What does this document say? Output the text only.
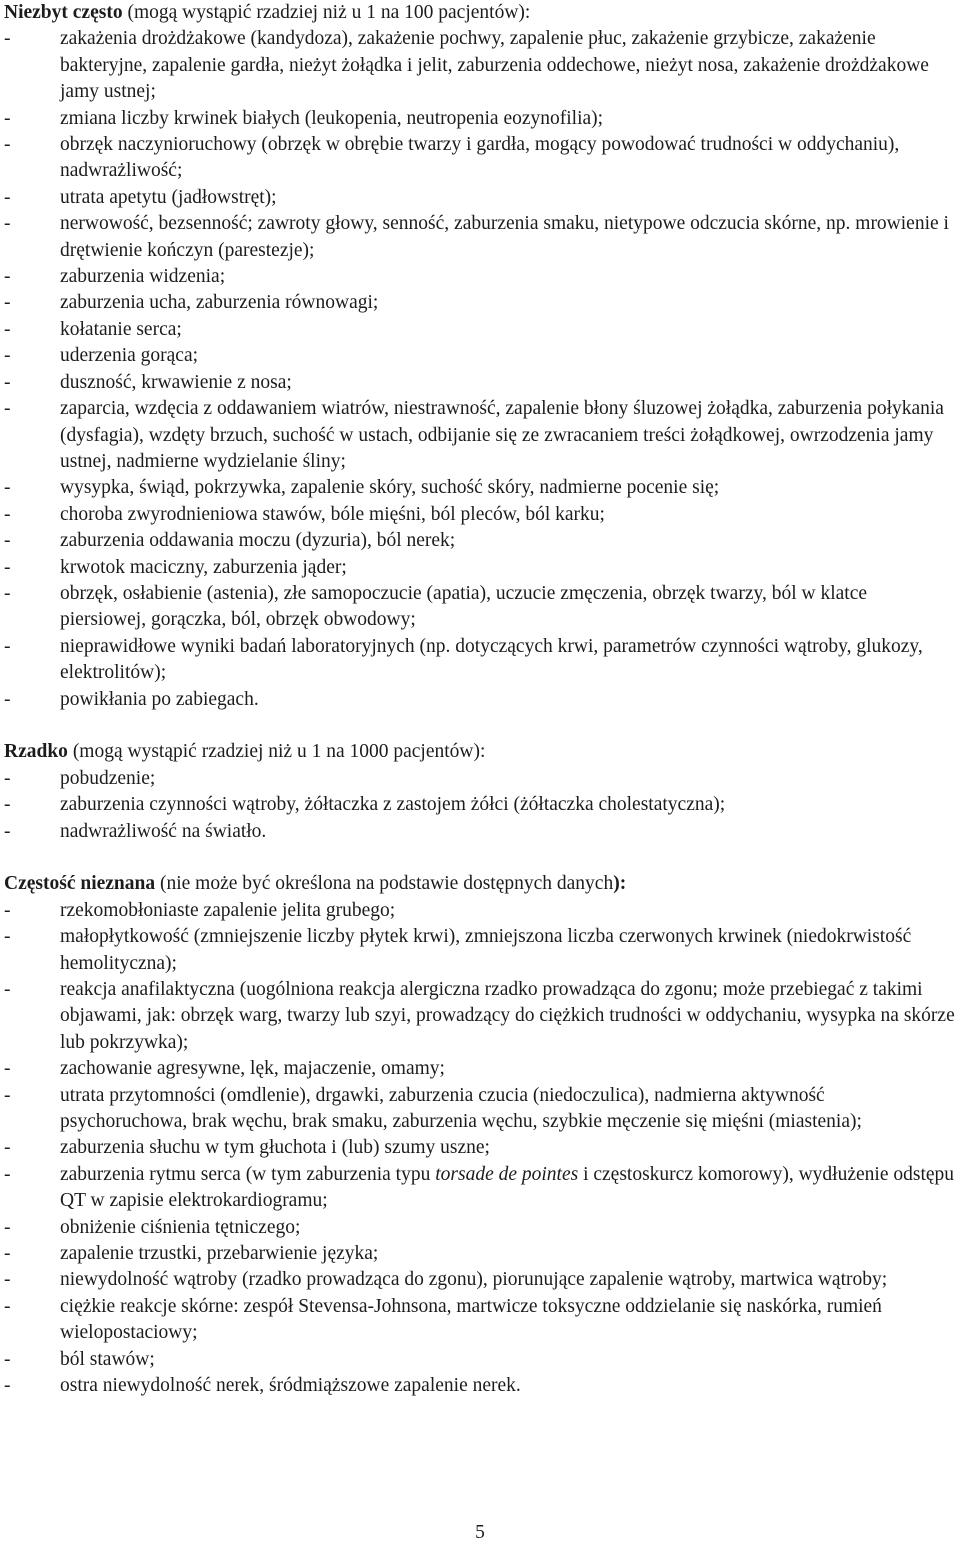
Niezbyt często (mogą wystąpić rzadziej niż u 1 na 100 pacjentów):
-	zakażenia drożdżakowe (kandydoza), zakażenie pochwy, zapalenie płuc, zakażenie grzybicze, zakażenie bakteryjne, zapalenie gardła, nieżyt żołądka i jelit, zaburzenia oddechowe, nieżyt nosa, zakażenie drożdżakowe jamy ustnej;
-	zmiana liczby krwinek białych (leukopenia, neutropenia eozynofilia);
-	obrzęk naczynioruchowy (obrzęk w obrębie twarzy i gardła, mogący powodować trudności w oddychaniu), nadwrażliwość;
-	utrata apetytu (jadłowstręt);
-	nerwowość, bezsenność; zawroty głowy, senność, zaburzenia smaku, nietypowe odczucia skórne, np. mrowienie i drętwienie kończyn (parestezje);
-	zaburzenia widzenia;
-	zaburzenia ucha, zaburzenia równowagi;
-	kołatanie serca;
-	uderzenia gorąca;
-	duszność, krwawienie z nosa;
-	zaparcia, wzdęcia z oddawaniem wiatrów, niestrawność, zapalenie błony śluzowej żołądka, zaburzenia połykania (dysfagia), wzdęty brzuch, suchość w ustach, odbijanie się ze zwracaniem treści żołądkowej, owrzodzenia jamy ustnej, nadmierne wydzielanie śliny;
-	wysypka, świąd, pokrzywka, zapalenie skóry, suchość skóry, nadmierne pocenie się;
-	choroba zwyrodnieniowa stawów, bóle mięśni, ból pleców, ból karku;
-	zaburzenia oddawania moczu (dyzuria), ból nerek;
-	krwotok maciczny, zaburzenia jąder;
-	obrzęk, osłabienie (astenia), złe samopoczucie (apatia), uczucie zmęczenia, obrzęk twarzy, ból w klatce piersiowej, gorączka, ból, obrzęk obwodowy;
-	nieprawidłowe wyniki badań laboratoryjnych (np. dotyczących krwi, parametrów czynności wątroby, glukozy, elektrolitów);
-	powikłania po zabiegach.
Rzadko (mogą wystąpić rzadziej niż u 1 na 1000 pacjentów):
-	pobudzenie;
-	zaburzenia czynności wątroby, żółtaczka z zastojem żółci (żółtaczka cholestatyczna);
-	nadwrażliwość na światło.
Częstość nieznana (nie może być określona na podstawie dostępnych danych):
-	rzekomobłoniaste zapalenie jelita grubego;
-	małopłytkowość (zmniejszenie liczby płytek krwi), zmniejszona liczba czerwonych krwinek (niedokrwistość hemolityczna);
-	reakcja anafilaktyczna (uogólniona reakcja alergiczna rzadko prowadząca do zgonu; może przebiegać z takimi objawami, jak: obrzęk warg, twarzy lub szyi, prowadzący do ciężkich trudności w oddychaniu, wysypka na skórze lub pokrzywka);
-	zachowanie agresywne, lęk, majaczenie, omamy;
-	utrata przytomności (omdlenie), drgawki, zaburzenia czucia (niedoczulica), nadmierna aktywność psychoruchowa, brak węchu, brak smaku, zaburzenia węchu, szybkie męczenie się mięśni (miastenia);
-	zaburzenia słuchu w tym głuchota i (lub) szumy uszne;
-	zaburzenia rytmu serca (w tym zaburzenia typu torsade de pointes i częstoskurcz komorowy), wydłużenie odstępu QT w zapisie elektrokardiogramu;
-	obniżenie ciśnienia tętniczego;
-	zapalenie trzustki, przebarwienie języka;
-	niewydolność wątroby (rzadko prowadząca do zgonu), piorunujące zapalenie wątroby, martwica wątroby;
-	ciężkie reakcje skórne: zespół Stevensa-Johnsona, martwicze toksyczne oddzielanie się naskórka, rumień wielopostaciowy;
-	ból stawów;
-	ostra niewydolność nerek, śródmiąższowe zapalenie nerek.
5
